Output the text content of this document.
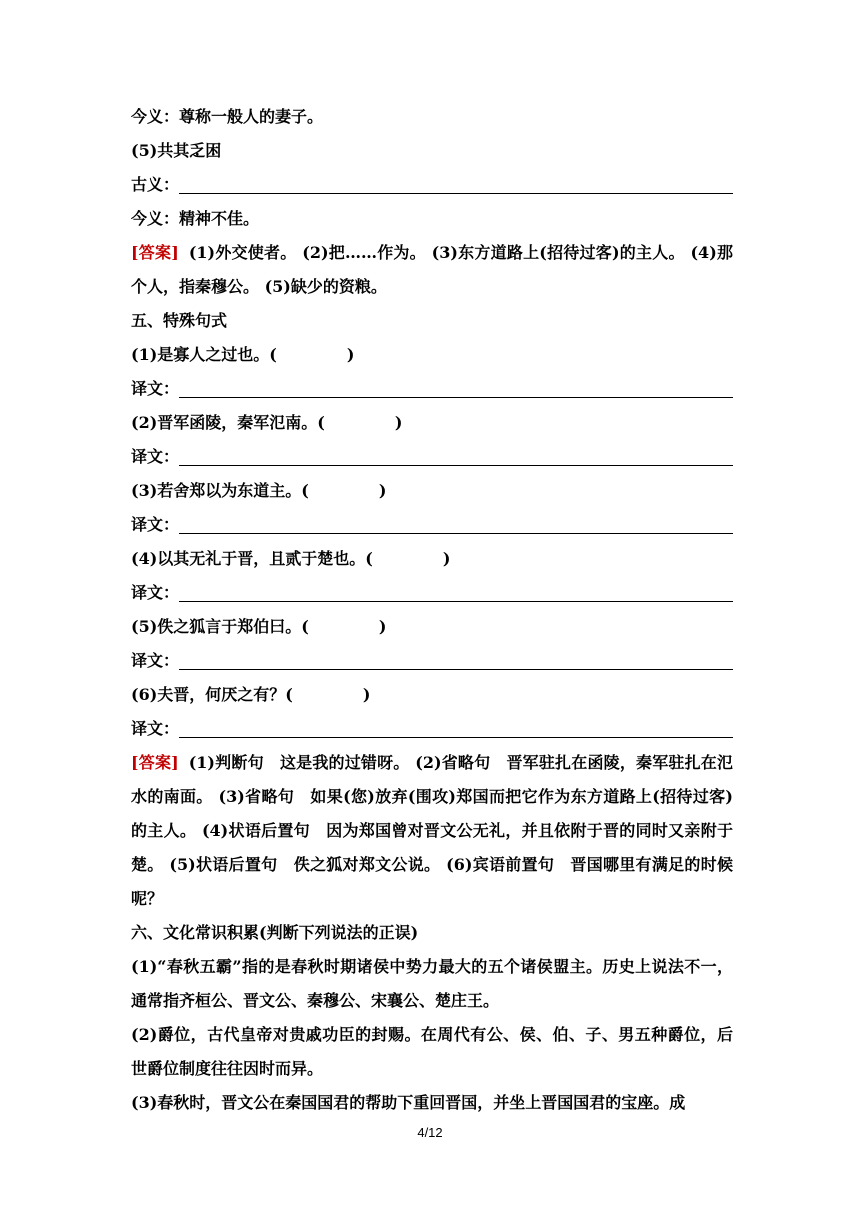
今义：尊称一般人的妻子。
(5)共其乏 ·困 ·
古义：
今义：精神不佳。
[答案] (1)外交使者。 (2)把……作为。 (3)东方道路上(招待过客)的主人。 (4)那个人，指秦穆公。 (5)缺少的资粮。
五、特殊句式
(1)是寡人之过也。(	)
译文：
(2)晋军函陵，秦军氾南。(	)
译文：
(3)若舍郑以为东道主。(	)
译文：
(4)以其无礼于晋，且贰于楚也。(	)
译文：
(5)佚之狐言于郑伯曰。(	)
译文：
(6)夫晋，何厌之有？(	)
译文：
[答案] (1)判断句　这是我的过错呀。 (2)省略句　晋军驻扎在函陵，秦军驻扎在氾水的南面。 (3)省略句　如果(您)放弃(围攻)郑国而把它作为东方道路上(招待过客)的主人。 (4)状语后置句　因为郑国曾对晋文公无礼，并且依附于晋的同时又亲附于楚。 (5)状语后置句　佚之狐对郑文公说。 (6)宾语前置句　晋国哪里有满足的时候呢？
六、文化常识积累(判断下列说法的正误)
(1)“春秋五霸”指的是春秋时期诸侯中势力最大的五个诸侯盟主。历史上说法不一，通常指齐桓公、晋文公、秦穆公、宋襄公、楚庄王。
(2)爵位，古代皇帝对贵戚功臣的封赐。在周代有公、侯、伯、子、男五种爵位，后世爵位制度往往因时而异。
(3)春秋时，晋文公在秦国国君的帮助下重回晋国，并坐上晋国国君的宝座。成
4/12
